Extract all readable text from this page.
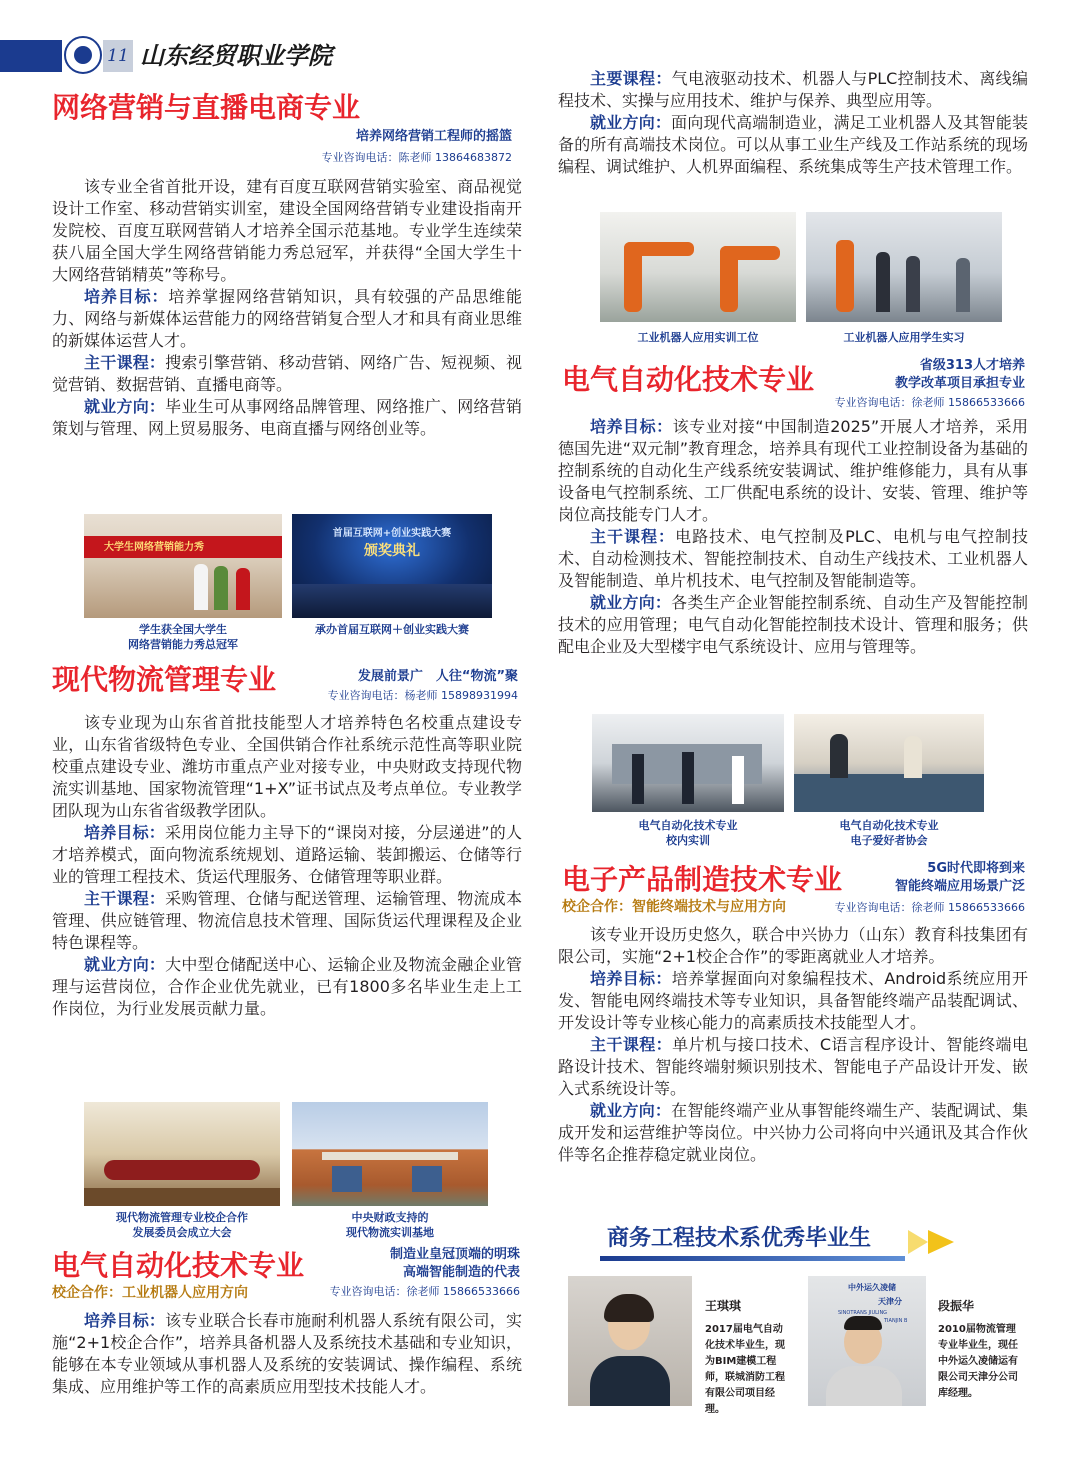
11 山东经贸职业学院
网络营销与直播电商专业
培养网络营销工程师的摇篮
专业咨询电话：陈老师 13864683872

该专业全省首批开设，建有百度互联网营销实验室、商品视觉设计工作室、移动营销实训室，建设全国网络营销专业建设指南开发院校、百度互联网营销人才培养全国示范基地。专业学生连续荣获八届全国大学生网络营销能力秀总冠军，并获得“全国大学生十大网络营销精英”等称号。

培养目标：培养掌握网络营销知识，具有较强的产品思维能力、网络与新媒体运营能力的网络营销复合型人才和具有商业思维的新媒体运营人才。

主干课程：搜索引擎营销、移动营销、网络广告、短视频、视觉营销、数据营销、直播电商等。

就业方向：毕业生可从事网络品牌管理、网络推广、网络营销策划与管理、网上贸易服务、电商直播与网络创业等。

大学生网络营销能力秀
学生获全国大学生
网络营销能力秀总冠军
首届互联网+创业实践大赛
颁奖典礼
承办首届互联网＋创业实践大赛
现代物流管理专业	发展前景广　人往“物流”聚
专业咨询电话：杨老师 15898931994

该专业现为山东省首批技能型人才培养特色名校重点建设专业，山东省省级特色专业、全国供销合作社系统示范性高等职业院校重点建设专业、潍坊市重点产业对接专业，中央财政支持现代物流实训基地、国家物流管理“1+X”证书试点及考点单位。专业教学团队现为山东省省级教学团队。

培养目标：采用岗位能力主导下的“课岗对接，分层递进”的人才培养模式，面向物流系统规划、道路运输、装卸搬运、仓储等行业的管理工程技术、货运代理服务、仓储管理等职业群。

主干课程：采购管理、仓储与配送管理、运输管理、物流成本管理、供应链管理、物流信息技术管理、国际货运代理课程及企业特色课程等。

就业方向：大中型仓储配送中心、运输企业及物流金融企业管理与运营岗位，合作企业优先就业，已有1800多名毕业生走上工作岗位，为行业发展贡献力量。

现代物流管理专业校企合作
发展委员会成立大会
中央财政支持的
现代物流实训基地
电气自动化技术专业	制造业皇冠顶端的明珠
高端智能制造的代表
校企合作：工业机器人应用方向	专业咨询电话：徐老师 15866533666

培养目标：该专业联合长春市施耐利机器人系统有限公司，实施“2+1校企合作”，培养具备机器人及系统技术基础和专业知识，能够在本专业领域从事机器人及系统的安装调试、操作编程、系统集成、应用维护等工作的高素质应用型技术技能人才。

主要课程：气电液驱动技术、机器人与PLC控制技术、离线编程技术、实操与应用技术、维护与保养、典型应用等。

就业方向：面向现代高端制造业，满足工业机器人及其智能装备的所有高端技术岗位。可以从事工业生产线及工作站系统的现场编程、调试维护、人机界面编程、系统集成等生产技术管理工作。

工业机器人应用实训工位	工业机器人应用学生实习
电气自动化技术专业	省级313人才培养
教学改革项目承担专业
专业咨询电话：徐老师 15866533666

培养目标：该专业对接“中国制造2025”开展人才培养，采用德国先进“双元制”教育理念，培养具有现代工业控制设备为基础的控制系统的自动化生产线系统安装调试、维护维修能力，具有从事设备电气控制系统、工厂供配电系统的设计、安装、管理、维护等岗位高技能专门人才。

主干课程：电路技术、电气控制及PLC、电机与电气控制技术、自动检测技术、智能控制技术、自动生产线技术、工业机器人及智能制造、单片机技术、电气控制及智能制造等。

就业方向：各类生产企业智能控制系统、自动生产及智能控制技术的应用管理；电气自动化智能控制技术设计、管理和服务；供配电企业及大型楼宇电气系统设计、应用与管理等。

电气自动化技术专业
校内实训
电气自动化技术专业
电子爱好者协会
电子产品制造技术专业	5G时代即将到来
智能终端应用场景广泛
校企合作：智能终端技术与应用方向	专业咨询电话：徐老师 15866533666

该专业开设历史悠久，联合中兴协力（山东）教育科技集团有限公司，实施“2+1校企合作”的零距离就业人才培养。

培养目标：培养掌握面向对象编程技术、Android系统应用开发、智能电网终端技术等专业知识，具备智能终端产品装配调试、开发设计等专业核心能力的高素质技术技能型人才。

主干课程：单片机与接口技术、C语言程序设计、智能终端电路设计技术、智能终端射频识别技术、智能电子产品设计开发、嵌入式系统设计等。

就业方向：在智能终端产业从事智能终端生产、装配调试、集成开发和运营维护等岗位。中兴协力公司将向中兴通讯及其合作伙伴等名企推荐稳定就业岗位。

商务工程技术系优秀毕业生
王琪琪
2017届电气自动化技术毕业生，现为BIM建模工程师，联城消防工程有限公司项目经理。
中外运久凌储
天津分
SINOTRANS JIULING
TIANJIN B
段振华
2010届物流管理专业毕业生，现任中外运久凌储运有限公司天津分公司库经理。
